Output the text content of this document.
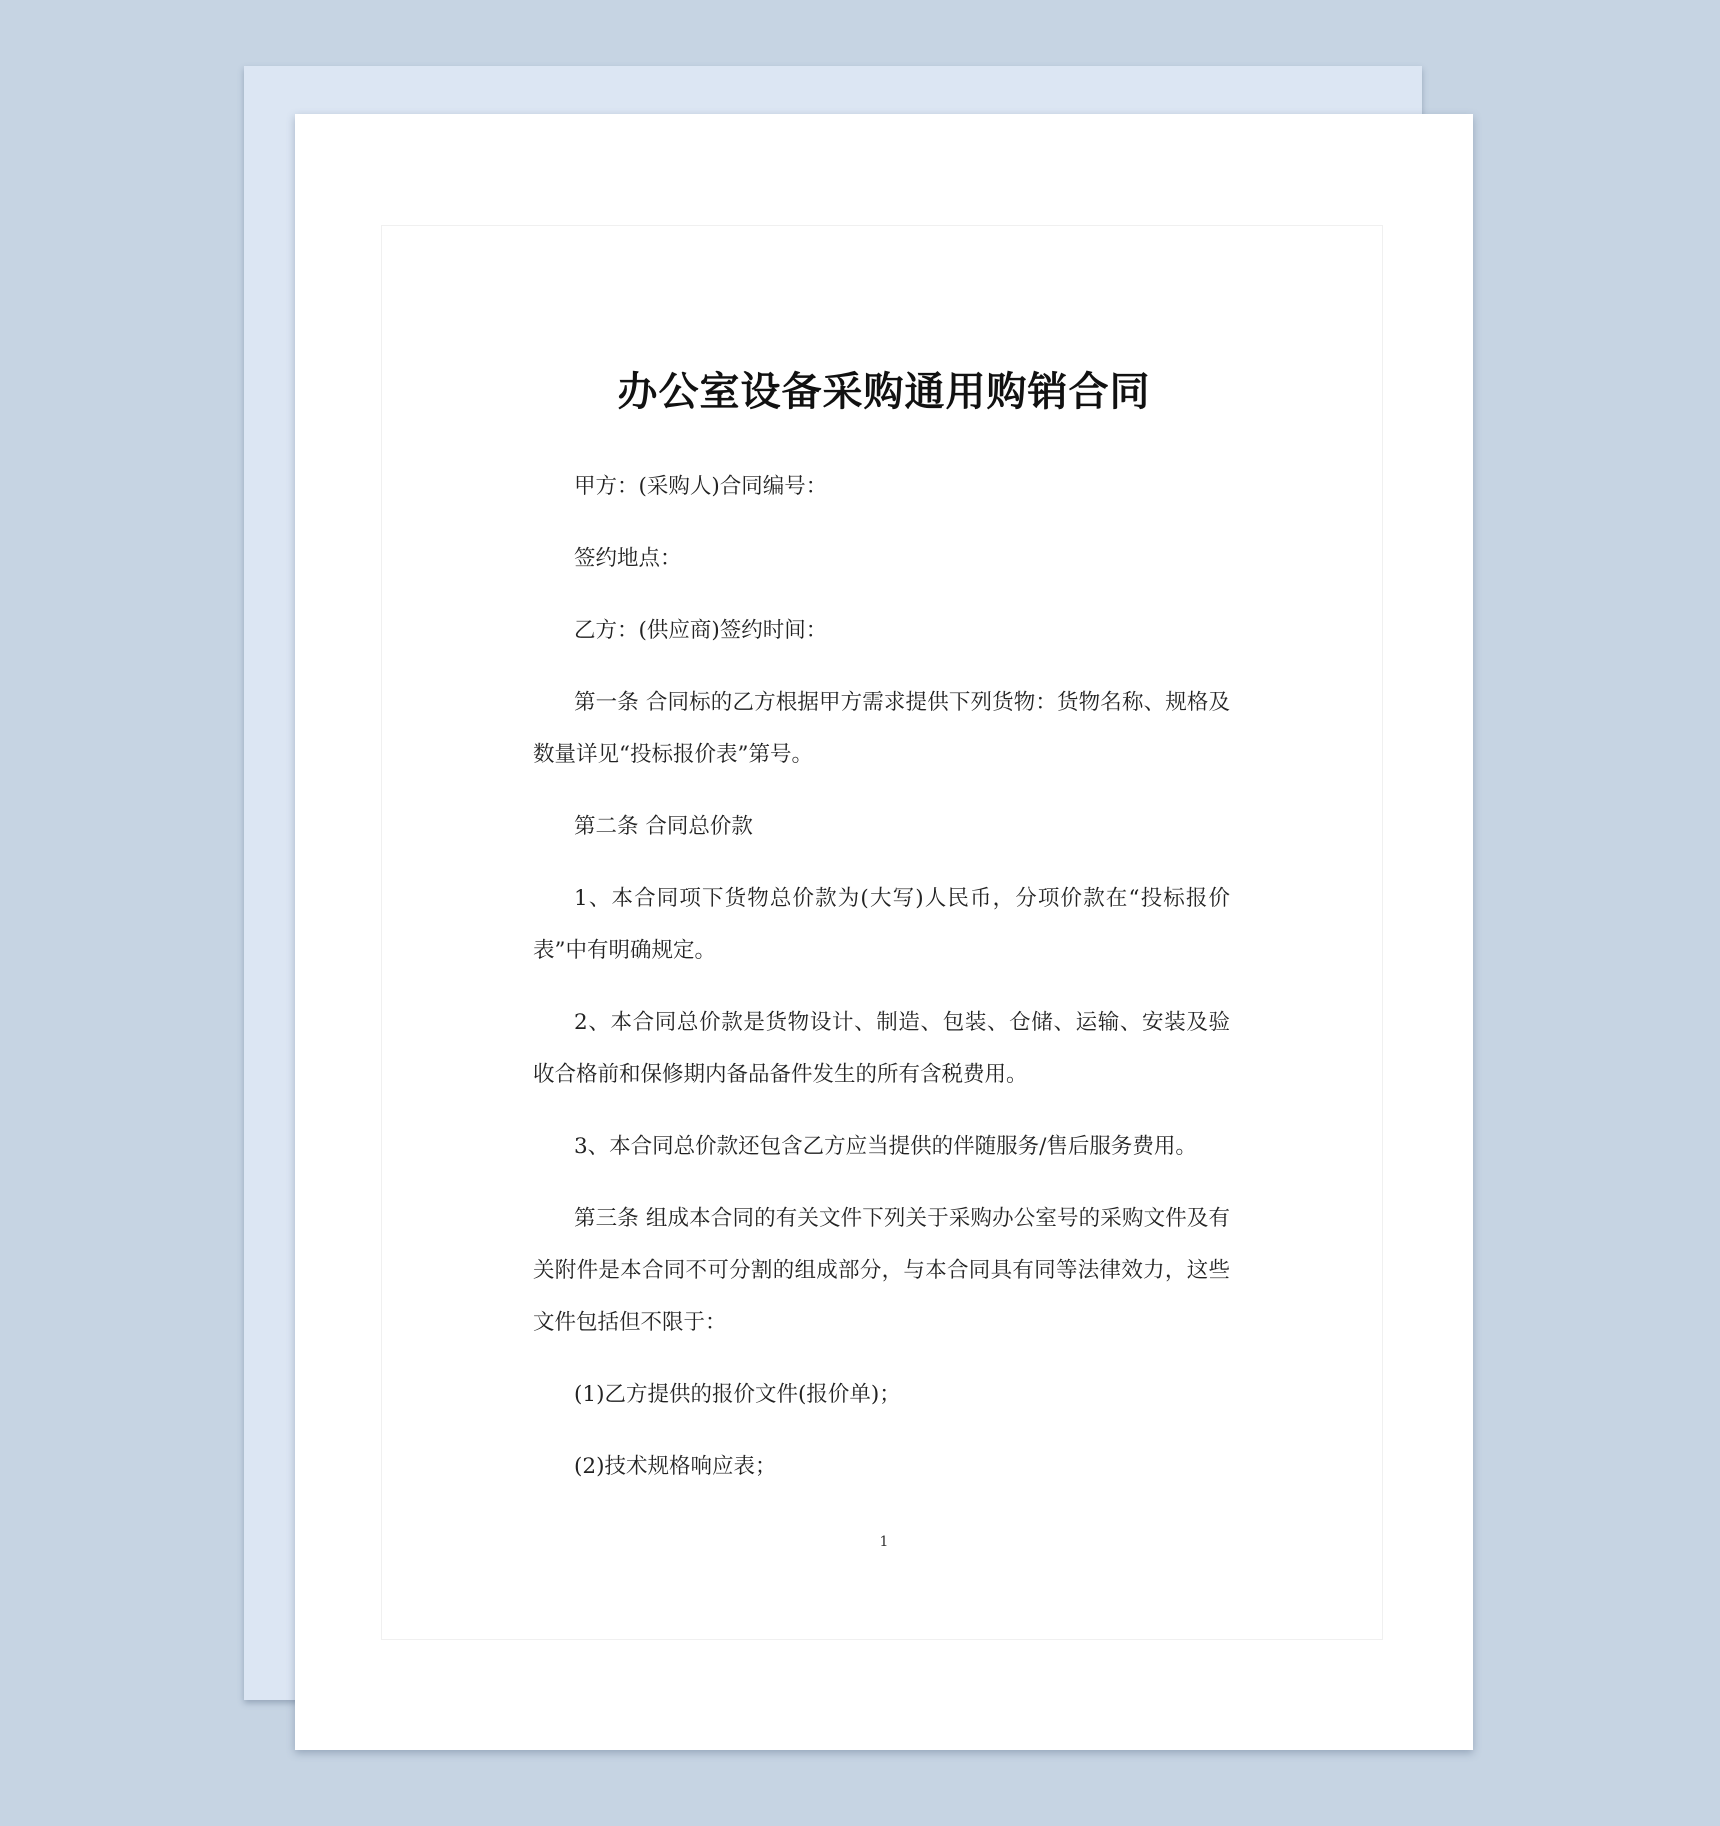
办公室设备采购通用购销合同

甲方：(采购人)合同编号：

签约地点：

乙方：(供应商)签约时间：

第一条 合同标的乙方根据甲方需求提供下列货物：货物名称、规格及数量详见“投标报价表”第号。

第二条 合同总价款

1、本合同项下货物总价款为(大写)人民币，分项价款在“投标报价表”中有明确规定。

2、本合同总价款是货物设计、制造、包装、仓储、运输、安装及验收合格前和保修期内备品备件发生的所有含税费用。

3、本合同总价款还包含乙方应当提供的伴随服务/售后服务费用。

第三条 组成本合同的有关文件下列关于采购办公室号的采购文件及有关附件是本合同不可分割的组成部分，与本合同具有同等法律效力，这些文件包括但不限于：

(1)乙方提供的报价文件(报价单)；

(2)技术规格响应表；

1
